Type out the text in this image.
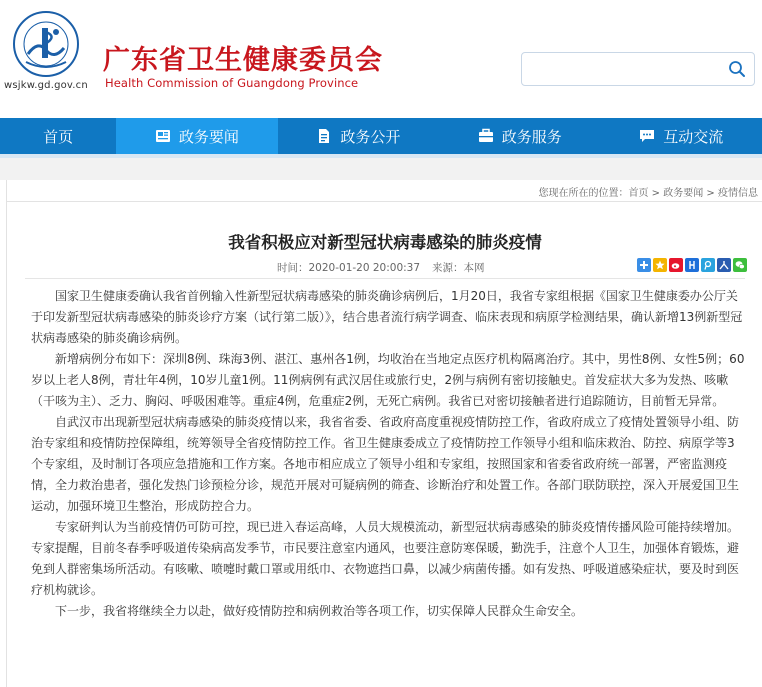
wsjkw.gd.gov.cn
广东省卫生健康委员会
Health Commission of Guangdong Province
首页	政务要闻	政务公开	政务服务	互动交流
您现在所在的位置：首页 > 政务要闻 > 疫情信息
我省积极应对新型冠状病毒感染的肺炎疫情
时间：2020-01-20 20:00:37 来源：本网

国家卫生健康委确认我省首例输入性新型冠状病毒感染的肺炎确诊病例后，1月20日，我省专家组根据《国家卫生健康委办公厅关于印发新型冠状病毒感染的肺炎诊疗方案（试行第二版）》，结合患者流行病学调查、临床表现和病原学检测结果，确认新增13例新型冠状病毒感染的肺炎确诊病例。

新增病例分布如下：深圳8例、珠海3例、湛江、惠州各1例，均收治在当地定点医疗机构隔离治疗。其中，男性8例、女性5例；60岁以上老人8例，青壮年4例，10岁儿童1例。11例病例有武汉居住或旅行史，2例与病例有密切接触史。首发症状大多为发热、咳嗽（干咳为主）、乏力、胸闷、呼吸困难等。重症4例，危重症2例，无死亡病例。我省已对密切接触者进行追踪随访，目前暂无异常。

自武汉市出现新型冠状病毒感染的肺炎疫情以来，我省省委、省政府高度重视疫情防控工作，省政府成立了疫情处置领导小组、防治专家组和疫情防控保障组，统筹领导全省疫情防控工作。省卫生健康委成立了疫情防控工作领导小组和临床救治、防控、病原学等3个专家组，及时制订各项应急措施和工作方案。各地市相应成立了领导小组和专家组，按照国家和省委省政府统一部署，严密监测疫情，全力救治患者，强化发热门诊预检分诊，规范开展对可疑病例的筛查、诊断治疗和处置工作。各部门联防联控，深入开展爱国卫生运动，加强环境卫生整治，形成防控合力。

专家研判认为当前疫情仍可防可控，现已进入春运高峰，人员大规模流动，新型冠状病毒感染的肺炎疫情传播风险可能持续增加。专家提醒，目前冬春季呼吸道传染病高发季节，市民要注意室内通风，也要注意防寒保暖，勤洗手，注意个人卫生，加强体育锻炼，避免到人群密集场所活动。有咳嗽、喷嚏时戴口罩或用纸巾、衣物遮挡口鼻，以减少病菌传播。如有发热、呼吸道感染症状，要及时到医疗机构就诊。

下一步，我省将继续全力以赴，做好疫情防控和病例救治等各项工作，切实保障人民群众生命安全。
